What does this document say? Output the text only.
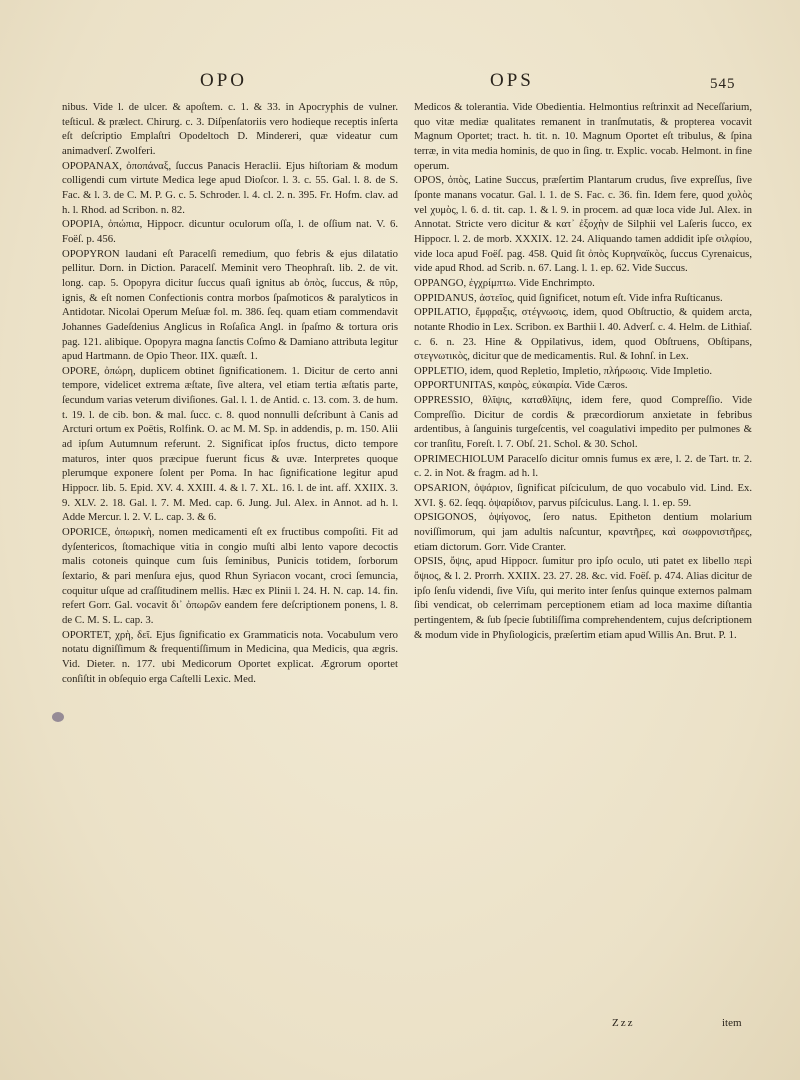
OPO	OPS	545

nibus. Vide l. de ulcer. & apoſtem. c. 1. & 33. in Apocryphis de vulner. teſticul. & prælect. Chirurg. c. 3. Diſpenſatoriis vero hodieque receptis inſerta eſt deſcriptio Emplaſtri Opodeltoch D. Mindereri, quæ videatur cum animadverſ. Zwolferi.

OPOPANAX, ὀποπάναξ, ſuccus Panacis Heraclii. Ejus hiſtoriam & modum colligendi cum virtute Medica lege apud Dioſcor. l. 3. c. 55. Gal. l. 8. de S. Fac. & l. 3. de C. M. P. G. c. 5. Schroder. l. 4. cl. 2. n. 395. Fr. Hofm. clav. ad h. l. Rhod. ad Scribon. n. 82.

OPOPIA, ὀπώπια, Hippocr. dicuntur oculorum oſſa, l. de oſſium nat. V. 6. Foëſ. p. 456.

OPOPYRON laudani eſt Paracelſi remedium, quo febris & ejus dilatatio pellitur. Dorn. in Diction. Paracelſ. Meminit vero Theophraſt. lib. 2. de vit. long. cap. 5. Opopyra dicitur ſuccus quaſi ignitus ab ὀπὸς, ſuccus, & πῦρ, ignis, & eſt nomen Confectionis contra morbos ſpaſmoticos & paralyticos in Antidotar. Nicolai Operum Meſuæ fol. m. 386. ſeq. quam etiam commendavit Johannes Gadeſdenius Anglicus in Roſaſica Angl. in ſpaſmo & tortura oris pag. 121. alibique. Opopyra magna ſanctis Coſmo & Damiano attributa legitur apud Hartmann. de Opio Theor. IIX. quæſt. 1.

OPORE, ὀπώρη, duplicem obtinet ſignificationem. 1. Dicitur de certo anni tempore, videlicet extrema æſtate, ſive altera, vel etiam tertia æſtatis parte, ſecundum varias veterum diviſiones. Gal. l. 1. de Antid. c. 13. com. 3. de hum. t. 19. l. de cib. bon. & mal. ſucc. c. 8. quod nonnulli deſcribunt à Canis ad Arcturi ortum ex Poëtis, Rolfink. O. ac M. M. Sp. in addendis, p. m. 150. Alii ad ipſum Autumnum referunt. 2. Significat ipſos fructus, dicto tempore maturos, inter quos præcipue fuerunt ficus & uvæ. Interpretes quoque plerumque exponere ſolent per Poma. In hac ſignificatione legitur apud Hippocr. lib. 5. Epid. XV. 4. XXIII. 4. & l. 7. XL. 16. l. de int. aff. XXIIX. 3. 9. XLV. 2. 18. Gal. l. 7. M. Med. cap. 6. Jung. Jul. Alex. in Annot. ad h. l. Adde Mercur. l. 2. V. L. cap. 3. & 6.

OPORICE, ὀπωρικὴ, nomen medicamenti eſt ex fructibus compoſiti. Fit ad dyſentericos, ſtomachique vitia in congio muſti albi lento vapore decoctis malis cotoneis quinque cum ſuis ſeminibus, Punicis totidem, ſorborum ſextario, & pari menſura ejus, quod Rhun Syriacon vocant, croci ſemuncia, coquitur uſque ad craſſitudinem mellis. Hæc ex Plinii l. 24. H. N. cap. 14. fin. refert Gorr. Gal. vocavit δι᾽ ὀπωρῶν eandem fere deſcriptionem ponens, l. 8. de C. M. S. L. cap. 3.

OPORTET, χρὴ, δεῖ. Ejus ſignificatio ex Grammaticis nota. Vocabulum vero notatu digniſſimum & frequentiſſimum in Medicina, qua Medicis, qua ægris. Vid. Dieter. n. 177. ubi Medicorum Oportet explicat. Ægrorum oportet conſiſtit in obſequio erga Caſtelli Lexic. Med.

Medicos & tolerantia. Vide Obedientia. Helmontius reſtrinxit ad Neceſſarium, quo vitæ mediæ qualitates remanent in tranſmutatis, & propterea vocavit Magnum Oportet; tract. h. tit. n. 10. Magnum Oportet eſt tribulus, & ſpina terræ, in vita media hominis, de quo in ſing. tr. Explic. vocab. Helmont. in fine operum.

OPOS, ὀπὸς, Latine Succus, præſertim Plantarum crudus, ſive expreſſus, ſive ſponte manans vocatur. Gal. l. 1. de S. Fac. c. 36. fin. Idem fere, quod χυλὸς vel χυμὸς, l. 6. d. tit. cap. 1. & l. 9. in procem. ad quæ loca vide Jul. Alex. in Annotat. Stricte vero dicitur & κατ᾽ ἐξοχὴν de Silphii vel Laſeris ſucco, ex Hippocr. l. 2. de morb. XXXIX. 12. 24. Aliquando tamen addidit ipſe σιλφίου, vide loca apud Foëſ. pag. 458. Quid ſit ὀπὸς Κυρηναϊκὸς, ſuccus Cyrenaicus, vide apud Rhod. ad Scrib. n. 67. Lang. l. 1. ep. 62. Vide Succus.

OPPANGO, ἐγχρίμπτω. Vide Enchrimpto.

OPPIDANUS, ἀστεῖος, quid ſignificet, notum eſt. Vide infra Ruſticanus.

OPPILATIO, ἔμφραξις, στέγνωσις, idem, quod Obſtructio, & quidem arcta, notante Rhodio in Lex. Scribon. ex Barthii l. 40. Adverſ. c. 4. Helm. de Lithiaſ. c. 6. n. 23. Hine & Oppilativus, idem, quod Obſtruens, Obſtipans, στεγνωτικὸς, dicitur que de medicamentis. Rul. & Iohnſ. in Lex.

OPPLETIO, idem, quod Repletio, Impletio, πλήρωσις. Vide Impletio.

OPPORTUNITAS, καιρὸς, εὐκαιρία. Vide Cæros.

OPPRESSIO, θλῖψις, καταθλῖψις, idem fere, quod Compreſſio. Vide Compreſſio. Dicitur de cordis & præcordiorum anxietate in febribus ardentibus, à ſanguinis turgeſcentis, vel coagulativi impedito per pulmones & cor tranſitu, Foreſt. l. 7. Obſ. 21. Schol. & 30. Schol.

OPRIMECHIOLUM Paracelſo dicitur omnis fumus ex ære, l. 2. de Tart. tr. 2. c. 2. in Not. & fragm. ad h. l.

OPSARION, ὀψάριον, ſignificat piſciculum, de quo vocabulo vid. Lind. Ex. XVI. §. 62. ſeqq. ὀψαρίδιον, parvus piſciculus. Lang. l. 1. ep. 59.

OPSIGONOS, ὀψίγονος, ſero natus. Epitheton dentium molarium noviſſimorum, qui jam adultis naſcuntur, κραντῆρες, καὶ σωφρονιστῆρες, etiam dictorum. Gorr. Vide Cranter.

OPSIS, ὄψις, apud Hippocr. ſumitur pro ipſo oculo, uti patet ex libello περὶ ὄψιος, & l. 2. Prorrh. XXIIX. 23. 27. 28. &c. vid. Foëſ. p. 474. Alias dicitur de ipſo ſenſu videndi, ſive Viſu, qui merito inter ſenſus quinque externos palmam ſibi vendicat, ob celerrimam perceptionem etiam ad loca maxime diſtantia pertingentem, & ſub ſpecie ſubtiliſſima comprehendentem, cujus deſcriptionem & modum vide in Phyſiologicis, præſertim etiam apud Willis An. Brut. P. 1.

Zzz	item
